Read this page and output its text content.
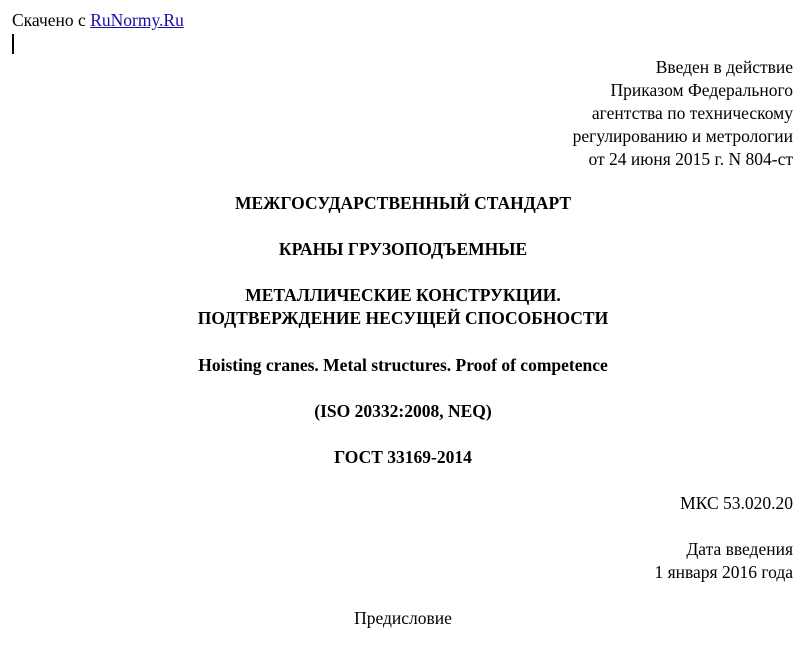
Скачено с RuNormy.Ru
Введен в действие
Приказом Федерального
агентства по техническому
регулированию и метрологии
от 24 июня 2015 г. N 804-ст
МЕЖГОСУДАРСТВЕННЫЙ СТАНДАРТ
КРАНЫ ГРУЗОПОДЪЕМНЫЕ
МЕТАЛЛИЧЕСКИЕ КОНСТРУКЦИИ.
ПОДТВЕРЖДЕНИЕ НЕСУЩЕЙ СПОСОБНОСТИ
Hoisting cranes. Metal structures. Proof of competence
(ISO 20332:2008, NEQ)
ГОСТ 33169-2014
МКС 53.020.20
Дата введения
1 января 2016 года
Предисловие
